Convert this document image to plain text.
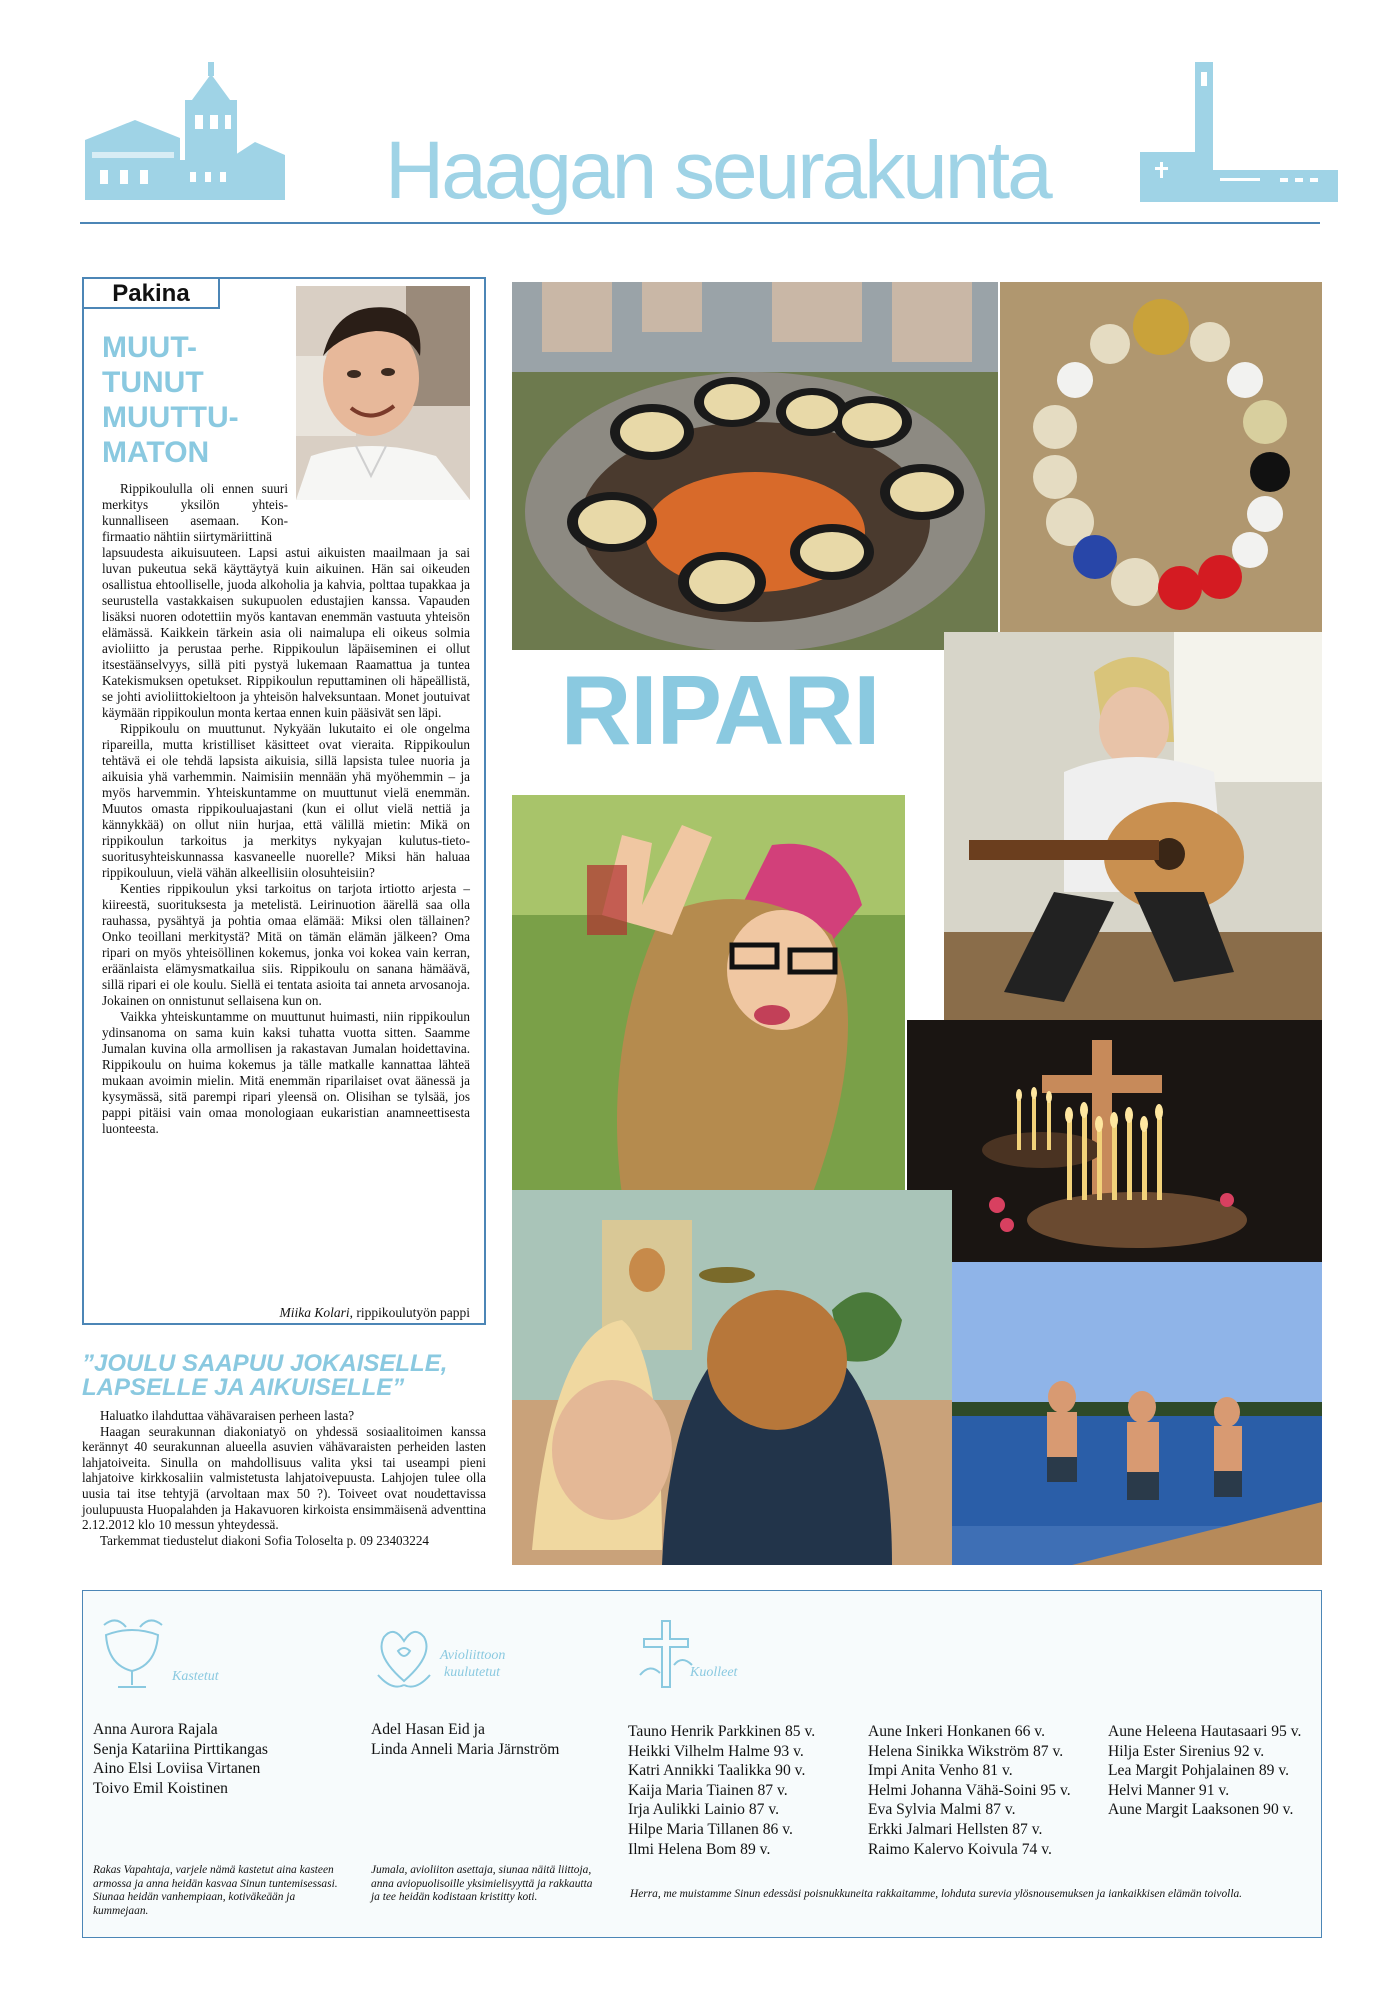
Haagan seurakunta
Pakina
MUUT-
TUNUT
MUUTTU-
MATON

Rippikoululla oli ennen suuri merkitys yksilön yhteiskunnalliseen asemaan. Konfirmaatio nähtiin siirtymäriittinä

lapsuudesta aikuisuuteen. Lapsi astui aikuisten maailmaan ja sai luvan pukeutua sekä käyttäytyä kuin aikuinen. Hän sai oikeuden osallistua ehtoolliselle, juoda alkoholia ja kahvia, polttaa tupakkaa ja seurustella vastakkaisen sukupuolen edustajien kanssa. Vapauden lisäksi nuoren odotettiin myös kantavan enemmän vastuuta yhteisön elämässä. Kaikkein tärkein asia oli naimalupa eli oikeus solmia avioliitto ja perustaa perhe. Rippikoulun läpäiseminen ei ollut itsestäänselvyys, sillä piti pystyä lukemaan Raamattua ja tuntea Katekismuksen opetukset. Rippikoulun reputtaminen oli häpeällistä, se johti avioliittokieltoon ja yhteisön halveksuntaan. Monet joutuivat käymään rippikoulun monta kertaa ennen kuin pääsivät sen läpi.

Rippikoulu on muuttunut. Nykyään lukutaito ei ole ongelma ripareilla, mutta kristilliset käsitteet ovat vieraita. Rippikoulun tehtävä ei ole tehdä lapsista aikuisia, sillä lapsista tulee nuoria ja aikuisia yhä varhemmin. Naimisiin mennään yhä myöhemmin – ja myös harvemmin. Yhteiskuntamme on muuttunut vielä enemmän. Muutos omasta rippikouluajastani (kun ei ollut vielä nettiä ja kännykkää) on ollut niin hurjaa, että välillä mietin: Mikä on rippikoulun tarkoitus ja merkitys nykyajan kulutus-tieto-suoritusyhteiskunnassa kasvaneelle nuorelle? Miksi hän haluaa rippikouluun, vielä vähän alkeellisiin olosuhteisiin?

Kenties rippikoulun yksi tarkoitus on tarjota irtiotto arjesta – kiireestä, suorituksesta ja metelistä. Leirinuotion äärellä saa olla rauhassa, pysähtyä ja pohtia omaa elämää: Miksi olen tällainen? Onko teoillani merkitystä? Mitä on tämän elämän jälkeen? Oma ripari on myös yhteisöllinen kokemus, jonka voi kokea vain kerran, eräänlaista elämysmatkailua siis. Rippikoulu on sanana hämäävä, sillä ripari ei ole koulu. Siellä ei tentata asioita tai anneta arvosanoja. Jokainen on onnistunut sellaisena kun on.

Vaikka yhteiskuntamme on muuttunut huimasti, niin rippikoulun ydinsanoma on sama kuin kaksi tuhatta vuotta sitten. Saamme Jumalan kuvina olla armollisen ja rakastavan Jumalan hoidettavina. Rippikoulu on huima kokemus ja tälle matkalle kannattaa lähteä mukaan avoimin mielin. Mitä enemmän riparilaiset ovat äänessä ja kysymässä, sitä parempi ripari yleensä on. Olisihan se tylsää, jos pappi pitäisi vain omaa monologiaan eukaristian anamneettisesta luonteesta.

Miika Kolari, rippikoulutyön pappi
”JOULU SAAPUU JOKAISELLE, LAPSELLE JA AIKUISELLE”

Haluatko ilahduttaa vähävaraisen perheen lasta?

Haagan seurakunnan diakoniatyö on yhdessä sosiaalitoimen kanssa kerännyt 40 seurakunnan alueella asuvien vähävaraisten perheiden lasten lahjatoiveita. Sinulla on mahdollisuus valita yksi tai useampi pieni lahjatoive kirkkosaliin valmistetusta lahjatoivepuusta. Lahjojen tulee olla uusia tai itse tehtyjä (arvoltaan max 50 ?). Toiveet ovat noudettavissa joulupuusta Huopalahden ja Hakavuoren kirkoista ensimmäisenä adventtina 2.12.2012 klo 10 messun yhteydessä.

Tarkemmat tiedustelut diakoni Sofia Toloselta p. 09 23403224

RIPARI
Kastetut
Avioliittoon
kuulutetut	Kuolleet
Anna Aurora Rajala
Senja Katariina Pirttikangas
Aino Elsi Loviisa Virtanen
Toivo Emil Koistinen
Adel Hasan Eid ja
Linda Anneli Maria Järnström
Tauno Henrik Parkkinen 85 v.
Heikki Vilhelm Halme 93 v.
Katri Annikki Taalikka 90 v.
Kaija Maria Tiainen 87 v.
Irja Aulikki Lainio 87 v.
Hilpe Maria Tillanen 86 v.
Ilmi Helena Bom 89 v.
Aune Inkeri Honkanen 66 v.
Helena Sinikka Wikström 87 v.
Impi Anita Venho 81 v.
Helmi Johanna Vähä-Soini 95 v.
Eva Sylvia Malmi 87 v.
Erkki Jalmari Hellsten 87 v.
Raimo Kalervo Koivula 74 v.
Aune Heleena Hautasaari 95 v.
Hilja Ester Sirenius 92 v.
Lea Margit Pohjalainen 89 v.
Helvi Manner 91 v.
Aune Margit Laaksonen 90 v.
Rakas Vapahtaja, varjele nämä kastetut aina kasteen armossa ja anna heidän kasvaa Sinun tuntemisessasi. Siunaa heidän vanhempiaan, kotiväkeään ja kummejaan.
Jumala, avioliiton asettaja, siunaa näitä liittoja, anna aviopuolisoille yksimielisyyttä ja rakkautta ja tee heidän kodistaan kristitty koti.	Herra, me muistamme Sinun edessäsi poisnukkuneita rakkaitamme, lohduta surevia ylösnousemuksen ja iankaikkisen elämän toivolla.
